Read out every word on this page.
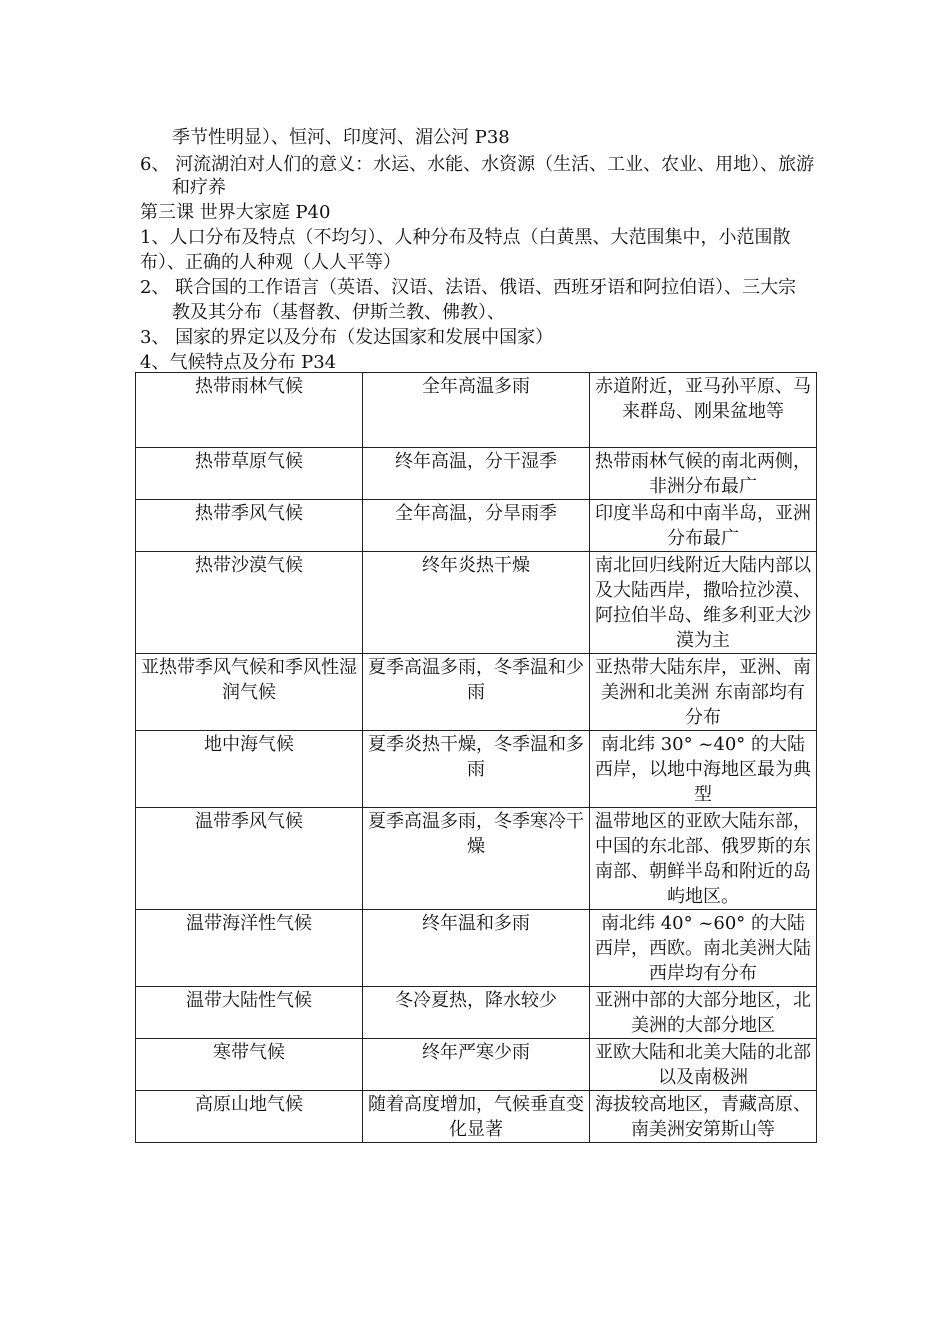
季节性明显）、恒河、印度河、湄公河 P38
6、 河流湖泊对人们的意义：水运、水能、水资源（生活、工业、农业、用地）、旅游
和疗养
第三课 世界大家庭 P40
1、人口分布及特点（不均匀）、人种分布及特点（白黄黑、大范围集中，小范围散
布）、正确的人种观（人人平等）
2、 联合国的工作语言（英语、汉语、法语、俄语、西班牙语和阿拉伯语）、三大宗
教及其分布（基督教、伊斯兰教、佛教）、
3、 国家的界定以及分布（发达国家和发展中国家）
4、气候特点及分布 P34
热带雨林气候	全年高温多雨	赤道附近，亚马孙平原、马来群岛、刚果盆地等
热带草原气候	终年高温，分干湿季	热带雨林气候的南北两侧，非洲分布最广
热带季风气候	全年高温，分旱雨季	印度半岛和中南半岛，亚洲分布最广
热带沙漠气候	终年炎热干燥	南北回归线附近大陆内部以及大陆西岸，撒哈拉沙漠、阿拉伯半岛、维多利亚大沙漠为主
亚热带季风气候和季风性湿润气候	夏季高温多雨，冬季温和少雨	亚热带大陆东岸，亚洲、南美洲和北美洲 东南部均有分布
地中海气候	夏季炎热干燥，冬季温和多雨	南北纬 30° ~40° 的大陆西岸，以地中海地区最为典型
温带季风气候	夏季高温多雨，冬季寒冷干燥	温带地区的亚欧大陆东部，中国的东北部、俄罗斯的东南部、朝鲜半岛和附近的岛屿地区。
温带海洋性气候	终年温和多雨	南北纬 40° ~60° 的大陆西岸，西欧。南北美洲大陆西岸均有分布
温带大陆性气候	冬冷夏热，降水较少	亚洲中部的大部分地区，北美洲的大部分地区
寒带气候	终年严寒少雨	亚欧大陆和北美大陆的北部以及南极洲
高原山地气候	随着高度增加，气候垂直变化显著	海拔较高地区，青藏高原、南美洲安第斯山等
